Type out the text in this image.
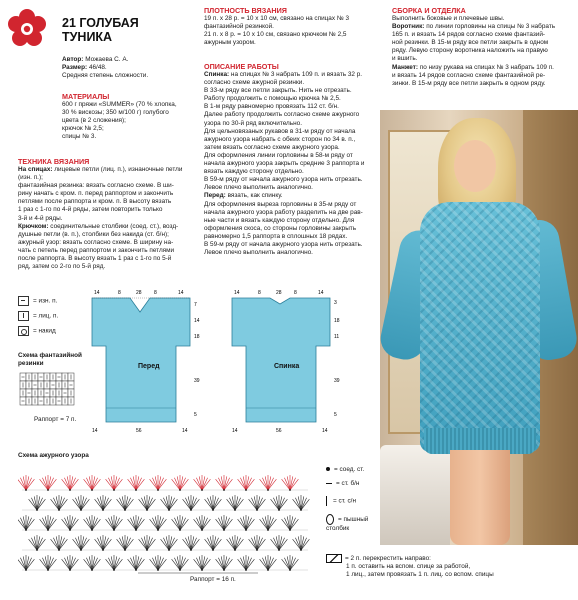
21 ГОЛУБАЯ
ТУНИКА
Автор: Можаева С. А.
Размер: 46/48.
Средняя степень сложности.
МАТЕРИАЛЫ
600 г пряжи «SUMMER» (70 % хлопка,
30 % вискозы; 350 м/100 г) голубого
цвета (в 2 сложения);
крючок № 2,5;
спицы № 3.
ТЕХНИКА ВЯЗАНИЯ
На спицах: лицевые петли (лиц. п.), изнаночные петли
(изн. п.);
фантазийная резинка: вязать согласно схеме. В ши-
рину начать с кром. п. перед раппортом и закончить
петлями после раппорта и кром. п. В высоту вязать
1 раз с 1-го по 4-й ряды, затем повторить только
3-й и 4-й ряды.
Крючком: соединительные столбики (соед. ст.), возд-
душные петли (в. п.), столбики без накида (ст. б/н);
ажурный узор: вязать согласно схеме. В ширину на-
чать с петель перед раппортом и закончить петлями
после раппорта. В высоту вязать 1 раз с 1-го по 5-й
ряд, затем со 2-го по 5-й ряд.
ПЛОТНОСТЬ ВЯЗАНИЯ
19 п. x 28 р. = 10 x 10 см, связано на спицах № 3
фантазийной резинкой.
21 п. x 8 р. = 10 x 10 см, связано крючком № 2,5
ажурным узором.
ОПИСАНИЕ РАБОТЫ
Спинка: на спицах № 3 набрать 109 п. и вязать 32 р.
согласно схеме ажурной резинки.
В 33-м ряду все петли закрыть. Нить не отрезать.
Работу продолжить с помощью крючка № 2,5.
В 1-м ряду равномерно провязать 112 ст. б/н.
Далее работу продолжить согласно схеме ажурного
узора по 30-й ряд включительно.
Для цельновязаных рукавов в 31-м ряду от начала
ажурного узора набрать с обеих сторон по 34 в. п.,
затем вязать согласно схеме ажурного узора.
Для оформления линии горловины в 58-м ряду от
начала ажурного узора закрыть средние 3 раппорта и
вязать каждую сторону отдельно.
В 59-м ряду от начала ажурного узора нить отрезать.
Левое плечо выполнить аналогично.
Перед: вязать, как спинку.
Для оформления выреза горловины в 35-м ряду от
начала ажурного узора работу разделить на две рав-
ные части и вязать каждую сторону отдельно. Для
оформления скоса, со стороны горловины закрыть
равномерно 1,5 раппорта в сплошных 18 рядах.
В 59-м ряду от начала ажурного узора нить отрезать.
Левое плечо выполнить аналогично.
СБОРКА И ОТДЕЛКА
Выполнить боковые и плечевые швы.
Воротник: по линии горловины на спицы № 3 набрать
165 п. и вязать 14 рядов согласно схеме фантазий-
ной резинки. В 15-м ряду все петли закрыть в одном
ряду. Левую сторону воротника наложить на правую
и вшить.
Манжет: по низу рукава на спицах № 3 набрать 109 п.
и вязать 14 рядов согласно схеме фантазийной ре-
зинки. В 15-м ряду все петли закрыть в одном ряду.
= изн. п.
= лиц. п.
= накид
Схема фантазийной
резинки
Раппорт = 7 п.
Перед
14	8	28 8	14
14	56	14
7
14
18
39
5
Спинка
14	8	28 8	14
14	56	14
3
18
11
39
5
Схема ажурного узора
Раппорт = 16 п.
= соед. ст.
= ст. б/н
= ст. с/н
= пышный столбик
= 2 п. перекрестить направо:
1 п. оставить на вспом. спице за работой,
1 лиц., затем провязать 1 п. лиц. со вспом. спицы
